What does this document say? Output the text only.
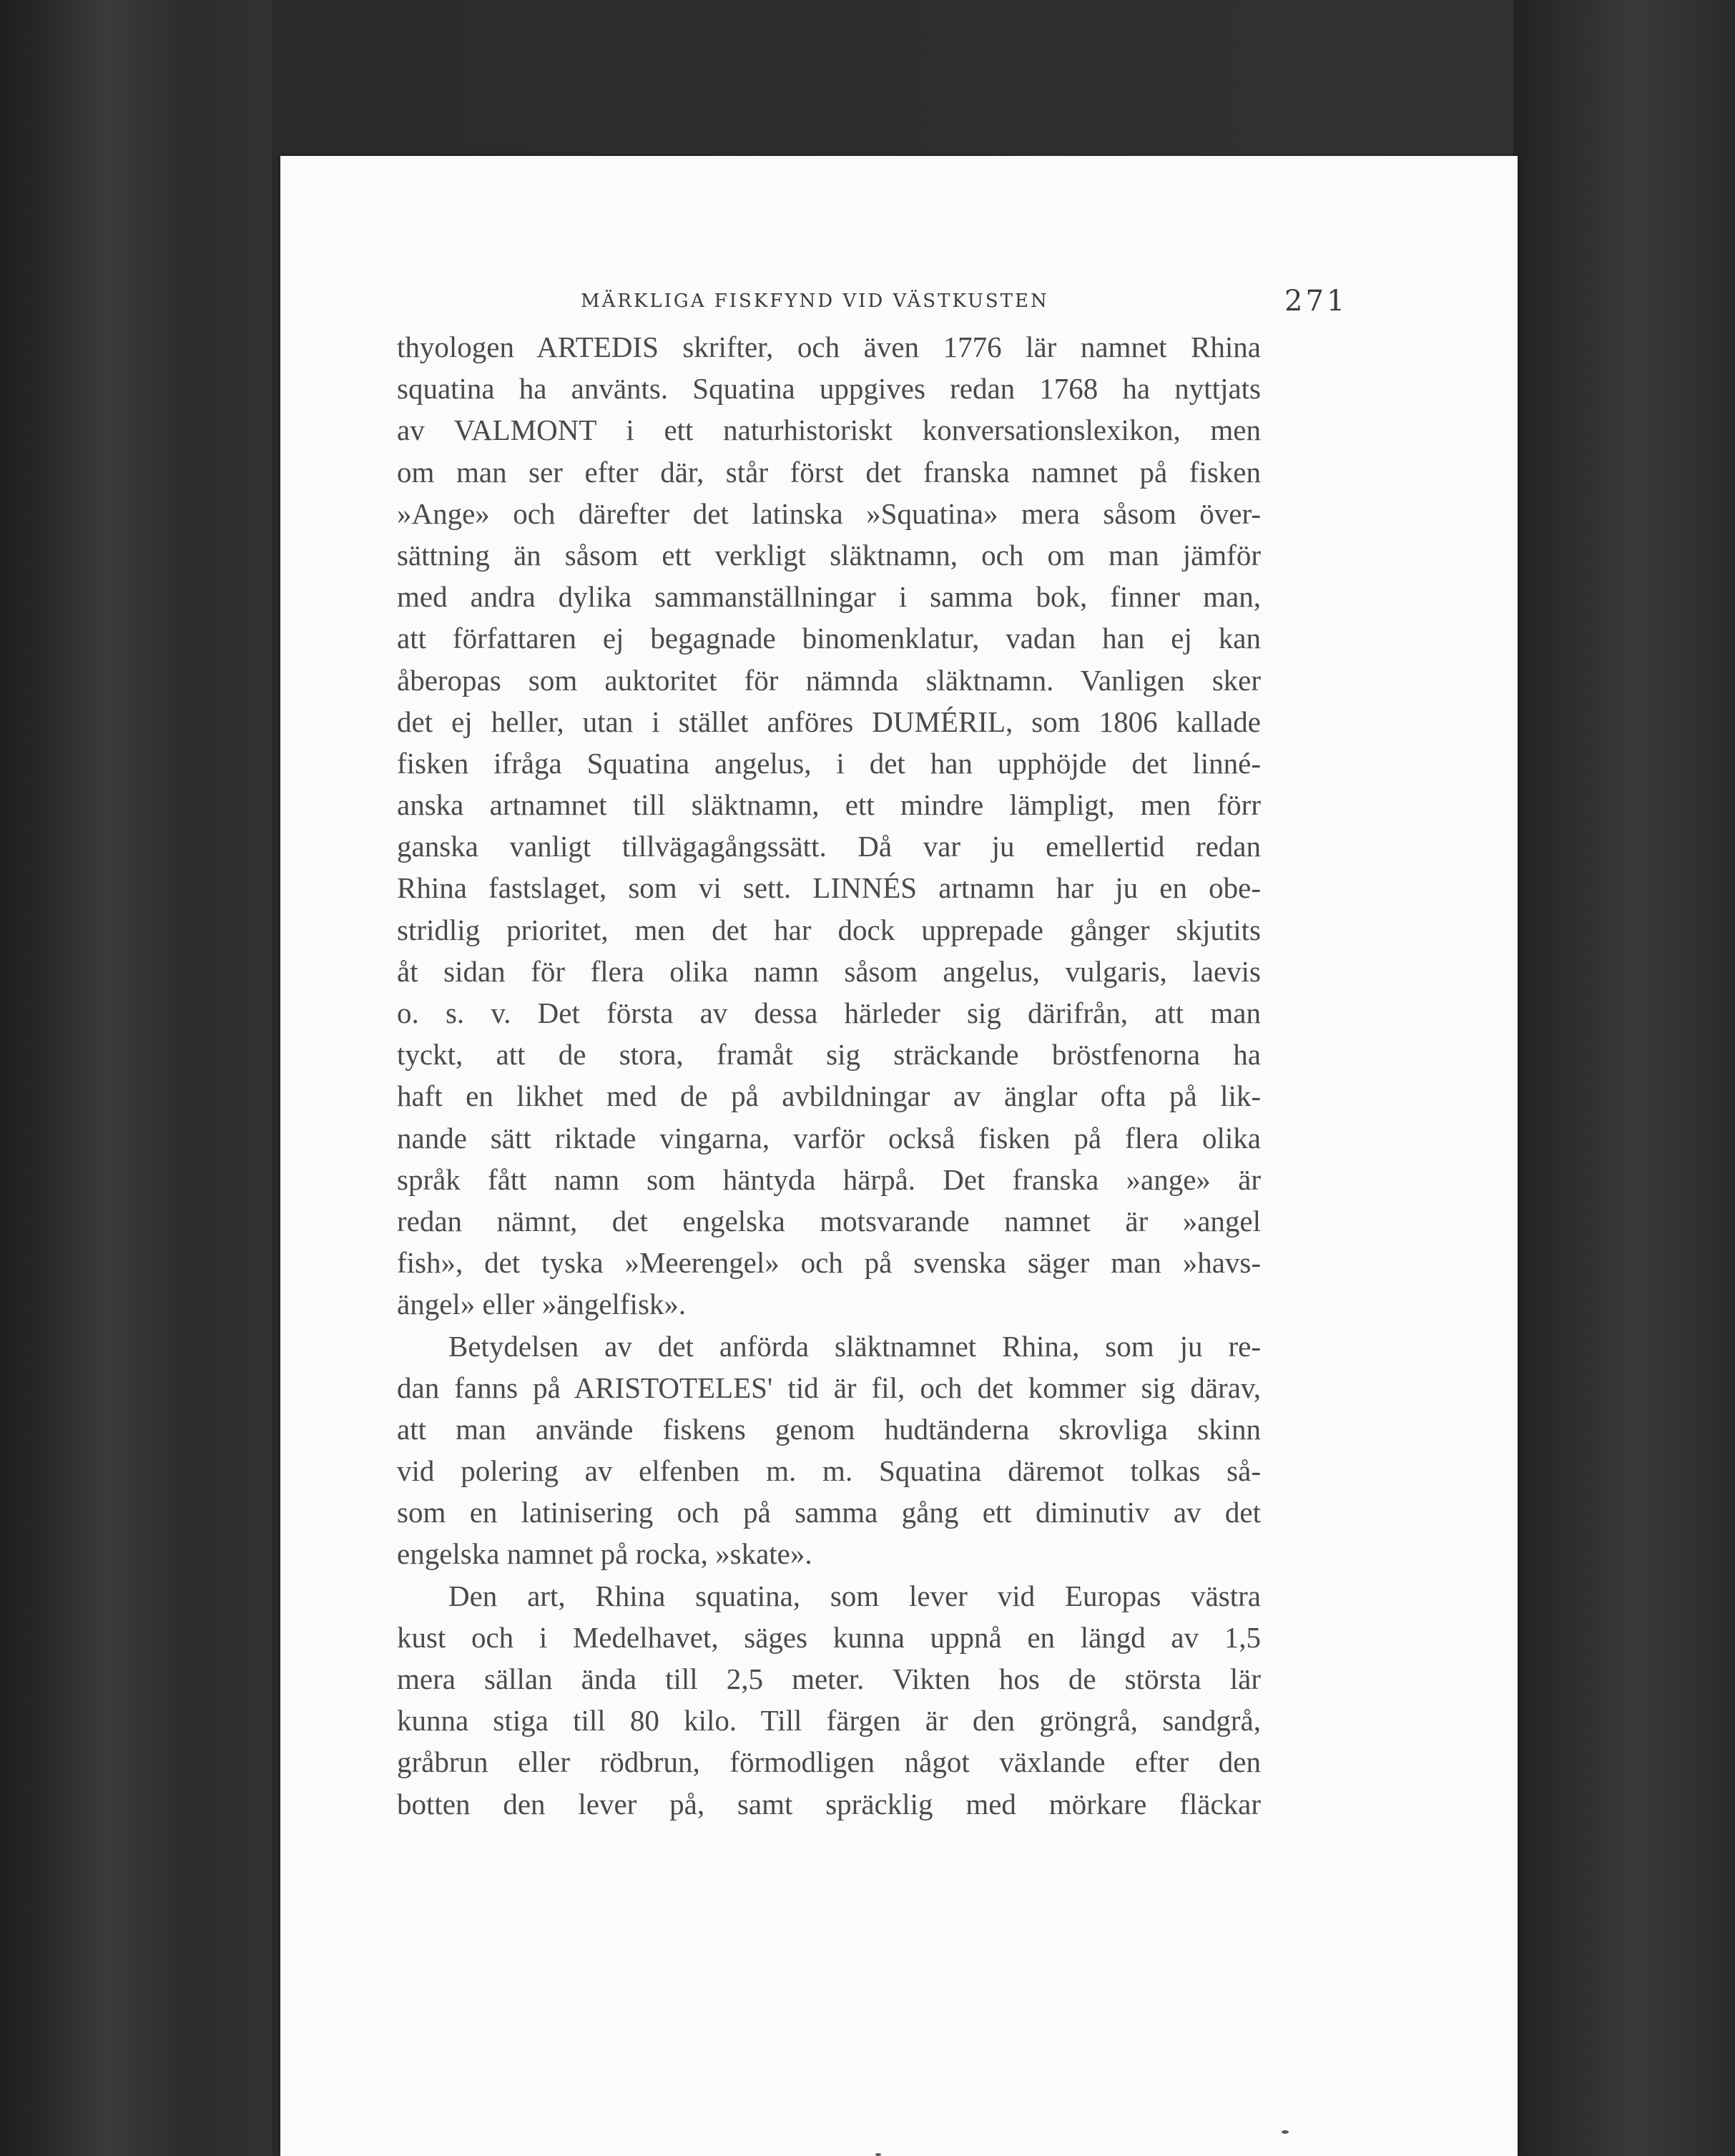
MÄRKLIGA FISKFYND VID VÄSTKUSTEN	271
thyologen ARTEDIS skrifter, och även 1776 lär namnet Rhina
squatina ha använts. Squatina uppgives redan 1768 ha nyttjats
av VALMONT i ett naturhistoriskt konversationslexikon, men
om man ser efter där, står först det franska namnet på fisken
»Ange» och därefter det latinska »Squatina» mera såsom över-
sättning än såsom ett verkligt släktnamn, och om man jämför
med andra dylika sammanställningar i samma bok, finner man,
att författaren ej begagnade binomenklatur, vadan han ej kan
åberopas som auktoritet för nämnda släktnamn. Vanligen sker
det ej heller, utan i stället anföres DUMÉRIL, som 1806 kallade
fisken ifråga Squatina angelus, i det han upphöjde det linné-
anska artnamnet till släktnamn, ett mindre lämpligt, men förr
ganska vanligt tillvägagångssätt. Då var ju emellertid redan
Rhina fastslaget, som vi sett. LINNÉS artnamn har ju en obe-
stridlig prioritet, men det har dock upprepade gånger skjutits
åt sidan för flera olika namn såsom angelus, vulgaris, laevis
o. s. v. Det första av dessa härleder sig därifrån, att man
tyckt, att de stora, framåt sig sträckande bröstfenorna ha
haft en likhet med de på avbildningar av änglar ofta på lik-
nande sätt riktade vingarna, varför också fisken på flera olika
språk fått namn som häntyda härpå. Det franska »ange» är
redan nämnt, det engelska motsvarande namnet är »angel
fish», det tyska »Meerengel» och på svenska säger man »havs-
ängel» eller »ängelfisk».
Betydelsen av det anförda släktnamnet Rhina, som ju re-
dan fanns på ARISTOTELES' tid är fil, och det kommer sig därav,
att man använde fiskens genom hudtänderna skrovliga skinn
vid polering av elfenben m. m. Squatina däremot tolkas så-
som en latinisering och på samma gång ett diminutiv av det
engelska namnet på rocka, »skate».
Den art, Rhina squatina, som lever vid Europas västra
kust och i Medelhavet, säges kunna uppnå en längd av 1,5
mera sällan ända till 2,5 meter. Vikten hos de största lär
kunna stiga till 80 kilo. Till färgen är den gröngrå, sandgrå,
gråbrun eller rödbrun, förmodligen något växlande efter den
botten den lever på, samt spräcklig med mörkare fläckar
